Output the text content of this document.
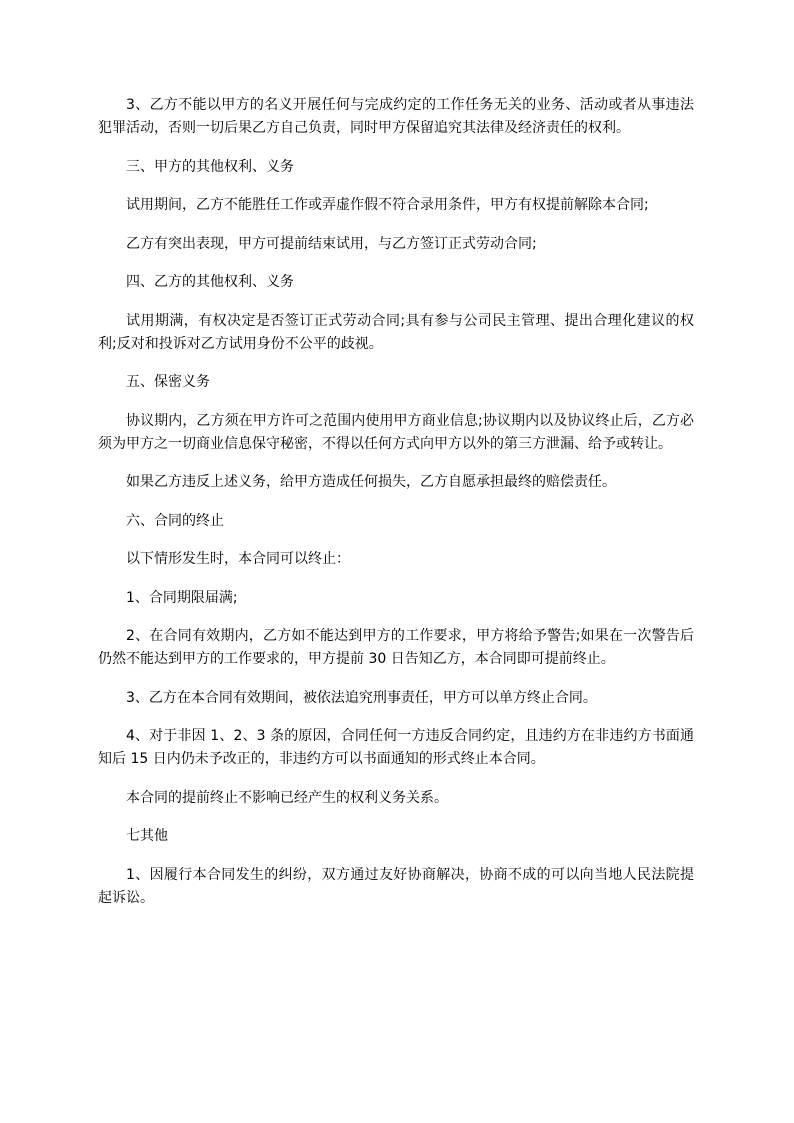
3、乙方不能以甲方的名义开展任何与完成约定的工作任务无关的业务、活动或者从事违法犯罪活动，否则一切后果乙方自己负责，同时甲方保留追究其法律及经济责任的权利。

三、甲方的其他权利、义务

试用期间，乙方不能胜任工作或弄虚作假不符合录用条件，甲方有权提前解除本合同;

乙方有突出表现，甲方可提前结束试用，与乙方签订正式劳动合同;

四、乙方的其他权利、义务

试用期满，有权决定是否签订正式劳动合同;具有参与公司民主管理、提出合理化建议的权利;反对和投诉对乙方试用身份不公平的歧视。

五、保密义务

协议期内，乙方须在甲方许可之范围内使用甲方商业信息;协议期内以及协议终止后，乙方必须为甲方之一切商业信息保守秘密，不得以任何方式向甲方以外的第三方泄漏、给予或转让。

如果乙方违反上述义务，给甲方造成任何损失，乙方自愿承担最终的赔偿责任。

六、合同的终止

以下情形发生时，本合同可以终止：

1、合同期限届满;

2、在合同有效期内，乙方如不能达到甲方的工作要求，甲方将给予警告;如果在一次警告后仍然不能达到甲方的工作要求的，甲方提前 30 日告知乙方，本合同即可提前终止。

3、乙方在本合同有效期间，被依法追究刑事责任，甲方可以单方终止合同。

4、对于非因 1、2、3 条的原因，合同任何一方违反合同约定，且违约方在非违约方书面通知后 15 日内仍未予改正的，非违约方可以书面通知的形式终止本合同。

本合同的提前终止不影响已经产生的权利义务关系。

七其他

1、因履行本合同发生的纠纷，双方通过友好协商解决，协商不成的可以向当地人民法院提起诉讼。
